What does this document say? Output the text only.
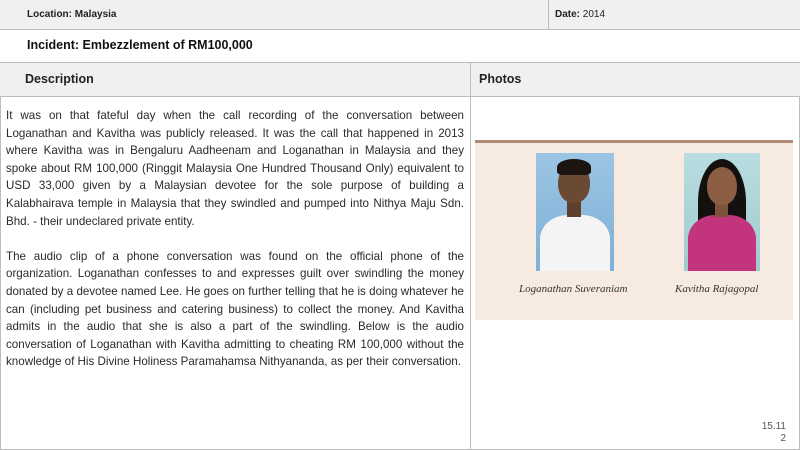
Location: Malaysia	Date: 2014
Incident: Embezzlement of RM100,000
Description	Photos

It was on that fateful day when the call recording of the conversation between Loganathan and Kavitha was publicly released. It was the call that happened in 2013 where Kavitha was in Bengaluru Aadheenam and Loganathan in Malaysia and they spoke about RM 100,000 (Ringgit Malaysia One Hundred Thousand Only) equivalent to USD 33,000 given by a Malaysian devotee for the sole purpose of building a Kalabhairava temple in Malaysia that they swindled and pumped into Nithya Maju Sdn. Bhd. - their undeclared private entity.

The audio clip of a phone conversation was found on the official phone of the organization. Loganathan confesses to and expresses guilt over swindling the money donated by a devotee named Lee. He goes on further telling that he is doing whatever he can (including pet business and catering business) to collect the money. And Kavitha admits in the audio that she is also a part of the swindling. Below is the audio conversation of Loganathan with Kavitha admitting to cheating RM 100,000 without the knowledge of His Divine Holiness Paramahamsa Nithyananda, as per their conversation.

Loganathan Suveraniam	Kavitha Rajagopal
15.11
2
